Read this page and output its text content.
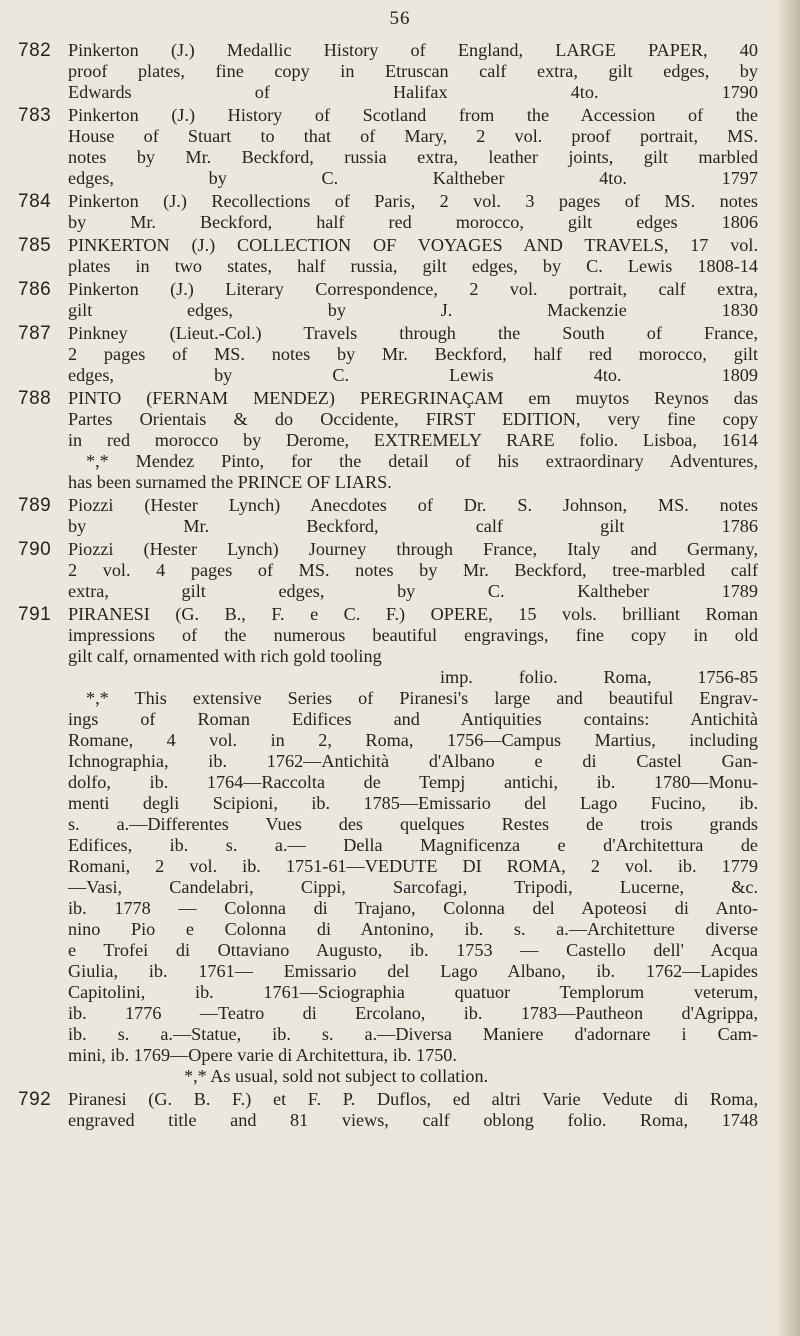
56
782 Pinkerton (J.) Medallic History of England, LARGE PAPER, 40
proof plates, fine copy in Etruscan calf extra, gilt edges, by
Edwards of Halifax 4to. 1790
783 Pinkerton (J.) History of Scotland from the Accession of the
House of Stuart to that of Mary, 2 vol. proof portrait, MS.
notes by Mr. Beckford, russia extra, leather joints, gilt marbled
edges, by C. Kaltheber 4to. 1797
784 Pinkerton (J.) Recollections of Paris, 2 vol. 3 pages of MS. notes
by Mr. Beckford, half red morocco, gilt edges 1806
785 PINKERTON (J.) COLLECTION OF VOYAGES AND TRAVELS, 17 vol.
plates in two states, half russia, gilt edges, by C. Lewis 1808-14
786 Pinkerton (J.) Literary Correspondence, 2 vol. portrait, calf extra,
gilt edges, by J. Mackenzie 1830
787 Pinkney (Lieut.-Col.) Travels through the South of France,
2 pages of MS. notes by Mr. Beckford, half red morocco, gilt
edges, by C. Lewis 4to. 1809
788 PINTO (FERNAM MENDEZ) PEREGRINAÇAM em muytos Reynos das
Partes Orientais & do Occidente, FIRST EDITION, very fine copy
in red morocco by Derome, EXTREMELY RARE folio. Lisboa, 1614
*,* Mendez Pinto, for the detail of his extraordinary Adventures,
has been surnamed the PRINCE OF LIARS.
789 Piozzi (Hester Lynch) Anecdotes of Dr. S. Johnson, MS. notes
by Mr. Beckford, calf gilt 1786
790 Piozzi (Hester Lynch) Journey through France, Italy and Germany,
2 vol. 4 pages of MS. notes by Mr. Beckford, tree-marbled calf
extra, gilt edges, by C. Kaltheber 1789
791 PIRANESI (G. B., F. e C. F.) OPERE, 15 vols. brilliant Roman
impressions of the numerous beautiful engravings, fine copy in old
gilt calf, ornamented with rich gold tooling
imp. folio. Roma, 1756-85
*,* This extensive Series of Piranesi's large and beautiful Engrav-
ings of Roman Edifices and Antiquities contains: Antichità
Romane, 4 vol. in 2, Roma, 1756—Campus Martius, including
Ichnographia, ib. 1762—Antichità d'Albano e di Castel Gan-
dolfo, ib. 1764—Raccolta de Tempj antichi, ib. 1780—Monu-
menti degli Scipioni, ib. 1785—Emissario del Lago Fucino, ib.
s. a.—Differentes Vues des quelques Restes de trois grands
Edifices, ib. s. a.— Della Magnificenza e d'Architettura de
Romani, 2 vol. ib. 1751-61—VEDUTE DI ROMA, 2 vol. ib. 1779
—Vasi, Candelabri, Cippi, Sarcofagi, Tripodi, Lucerne, &c.
ib. 1778 — Colonna di Trajano, Colonna del Apoteosi di Anto-
nino Pio e Colonna di Antonino, ib. s. a.—Architetture diverse
e Trofei di Ottaviano Augusto, ib. 1753 — Castello dell' Acqua
Giulia, ib. 1761— Emissario del Lago Albano, ib. 1762—Lapides
Capitolini, ib. 1761—Sciographia quatuor Templorum veterum,
ib. 1776 —Teatro di Ercolano, ib. 1783—Pautheon d'Agrippa,
ib. s. a.—Statue, ib. s. a.—Diversa Maniere d'adornare i Cam-
mini, ib. 1769—Opere varie di Architettura, ib. 1750.
*,* As usual, sold not subject to collation.
792 Piranesi (G. B. F.) et F. P. Duflos, ed altri Varie Vedute di Roma,
engraved title and 81 views, calf oblong folio. Roma, 1748
